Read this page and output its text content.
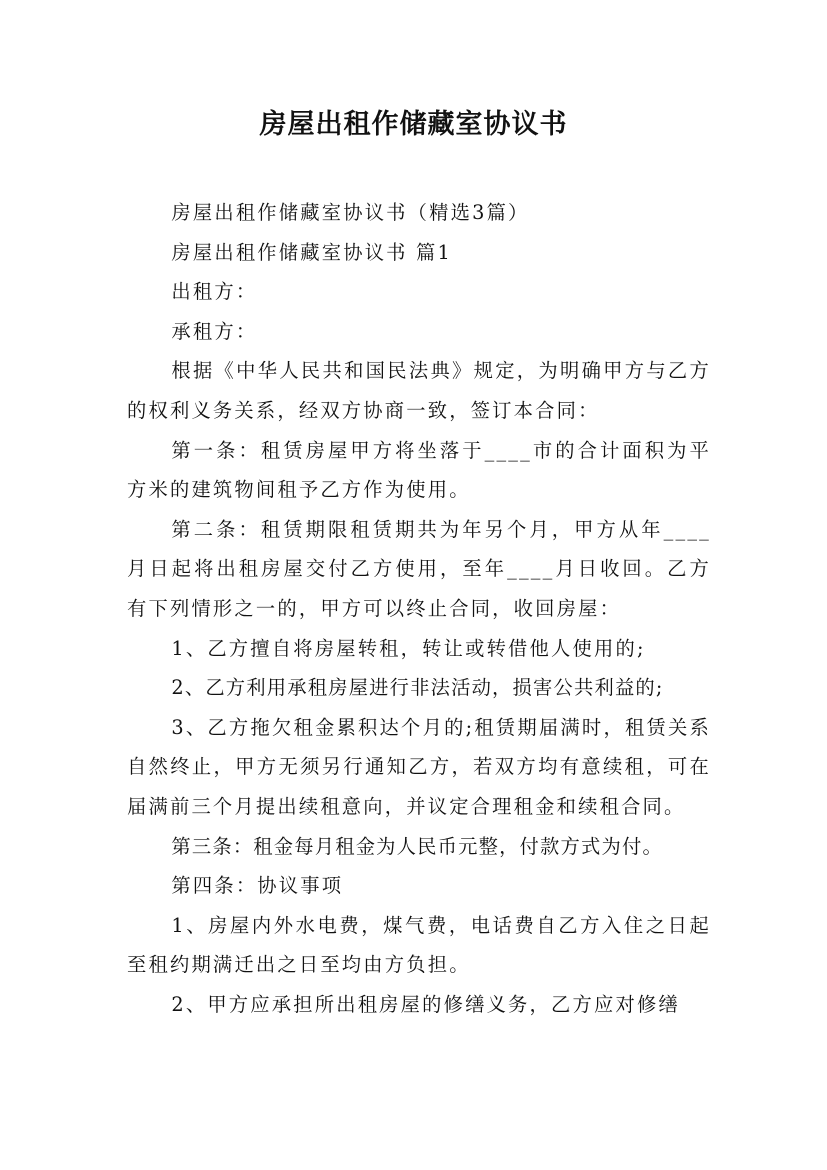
房屋出租作储藏室协议书

房屋出租作储藏室协议书（精选3篇）

房屋出租作储藏室协议书 篇1

出租方：

承租方：

根据《中华人民共和国民法典》规定，为明确甲方与乙方的权利义务关系，经双方协商一致，签订本合同：

第一条：租赁房屋甲方将坐落于____市的合计面积为平方米的建筑物间租予乙方作为使用。

第二条：租赁期限租赁期共为年另个月，甲方从年____月日起将出租房屋交付乙方使用，至年____月日收回。乙方有下列情形之一的，甲方可以终止合同，收回房屋：

1、乙方擅自将房屋转租，转让或转借他人使用的;

2、乙方利用承租房屋进行非法活动，损害公共利益的;

3、乙方拖欠租金累积达个月的;租赁期届满时，租赁关系自然终止，甲方无须另行通知乙方，若双方均有意续租，可在届满前三个月提出续租意向，并议定合理租金和续租合同。

第三条：租金每月租金为人民币元整，付款方式为付。

第四条：协议事项

1、房屋内外水电费，煤气费，电话费自乙方入住之日起至租约期满迁出之日至均由方负担。

2、甲方应承担所出租房屋的修缮义务，乙方应对修缮
